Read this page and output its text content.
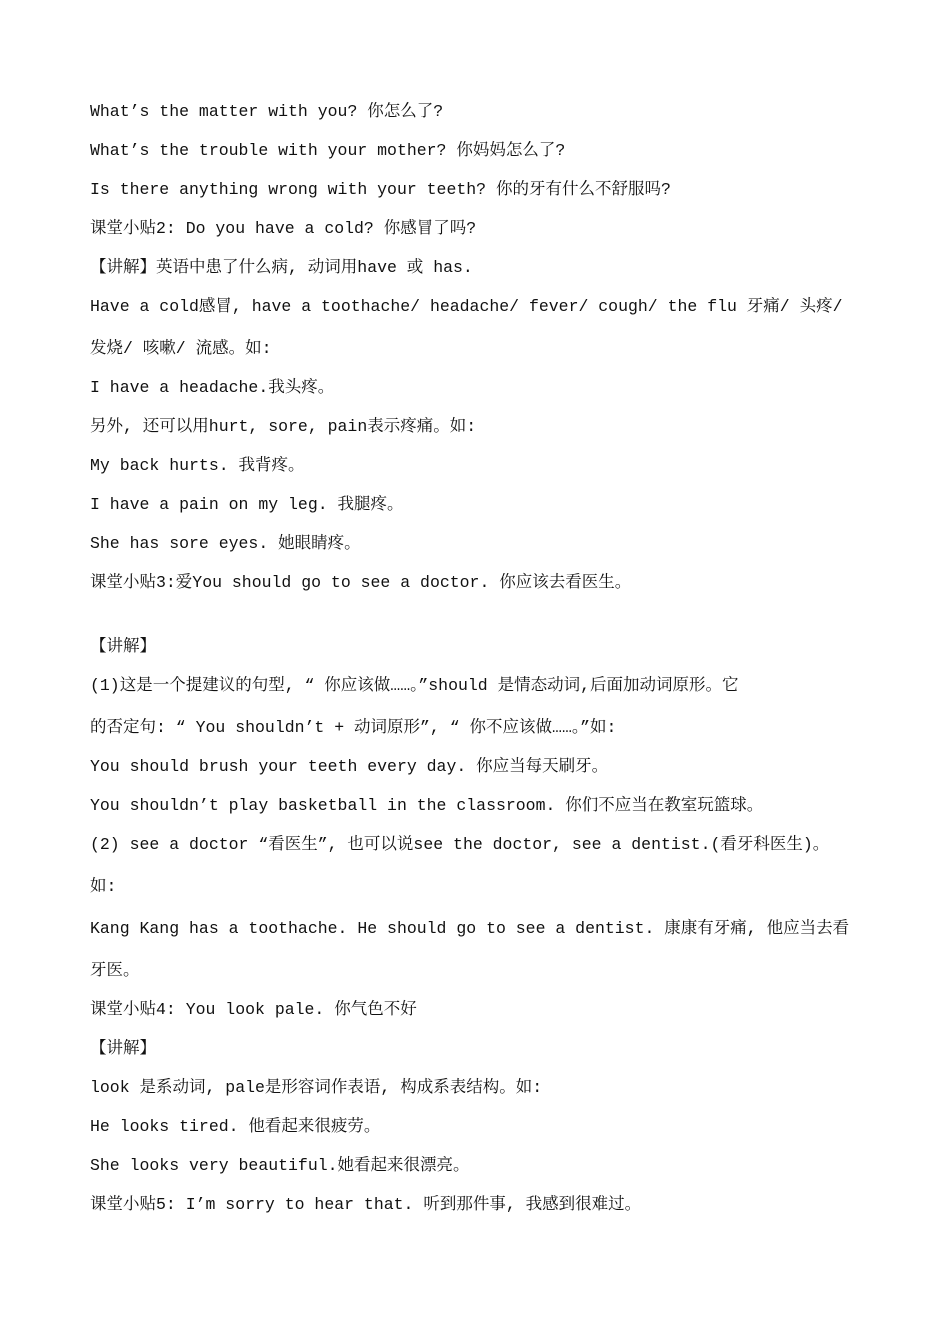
What’s the matter with you? 你怎么了?

What’s the trouble with your mother? 你妈妈怎么了?

Is there anything wrong with your teeth? 你的牙有什么不舒服吗?

课堂小贴2: Do you have a cold? 你感冒了吗?

【讲解】英语中患了什么病, 动词用have 或 has.

Have a cold感冒, have a toothache/ headache/ fever/ cough/ the flu 牙痛/ 头疼/

发烧/ 咳嗽/ 流感。如:

I have a headache.我头疼。

另外, 还可以用hurt, sore, pain表示疼痛。如:

My back hurts. 我背疼。

I have a pain on my leg. 我腿疼。

She has sore eyes. 她眼睛疼。

课堂小贴3:爱You should go to see a doctor. 你应该去看医生。

【讲解】

(1)这是一个提建议的句型, “ 你应该做……。”should 是情态动词,后面加动词原形。它

的否定句: “ You shouldn’t + 动词原形”, “ 你不应该做……。”如:

You should brush your teeth every day. 你应当每天刷牙。

You shouldn’t play basketball in the classroom. 你们不应当在教室玩篮球。

(2) see a doctor “看医生”, 也可以说see the doctor, see a dentist.(看牙科医生)。

如:

Kang Kang has a toothache. He should go to see a dentist. 康康有牙痛, 他应当去看

牙医。

课堂小贴4: You look pale. 你气色不好

【讲解】

look 是系动词, pale是形容词作表语, 构成系表结构。如:

He looks tired. 他看起来很疲劳。

She looks very beautiful.她看起来很漂亮。

课堂小贴5: I’m sorry to hear that. 听到那件事, 我感到很难过。
